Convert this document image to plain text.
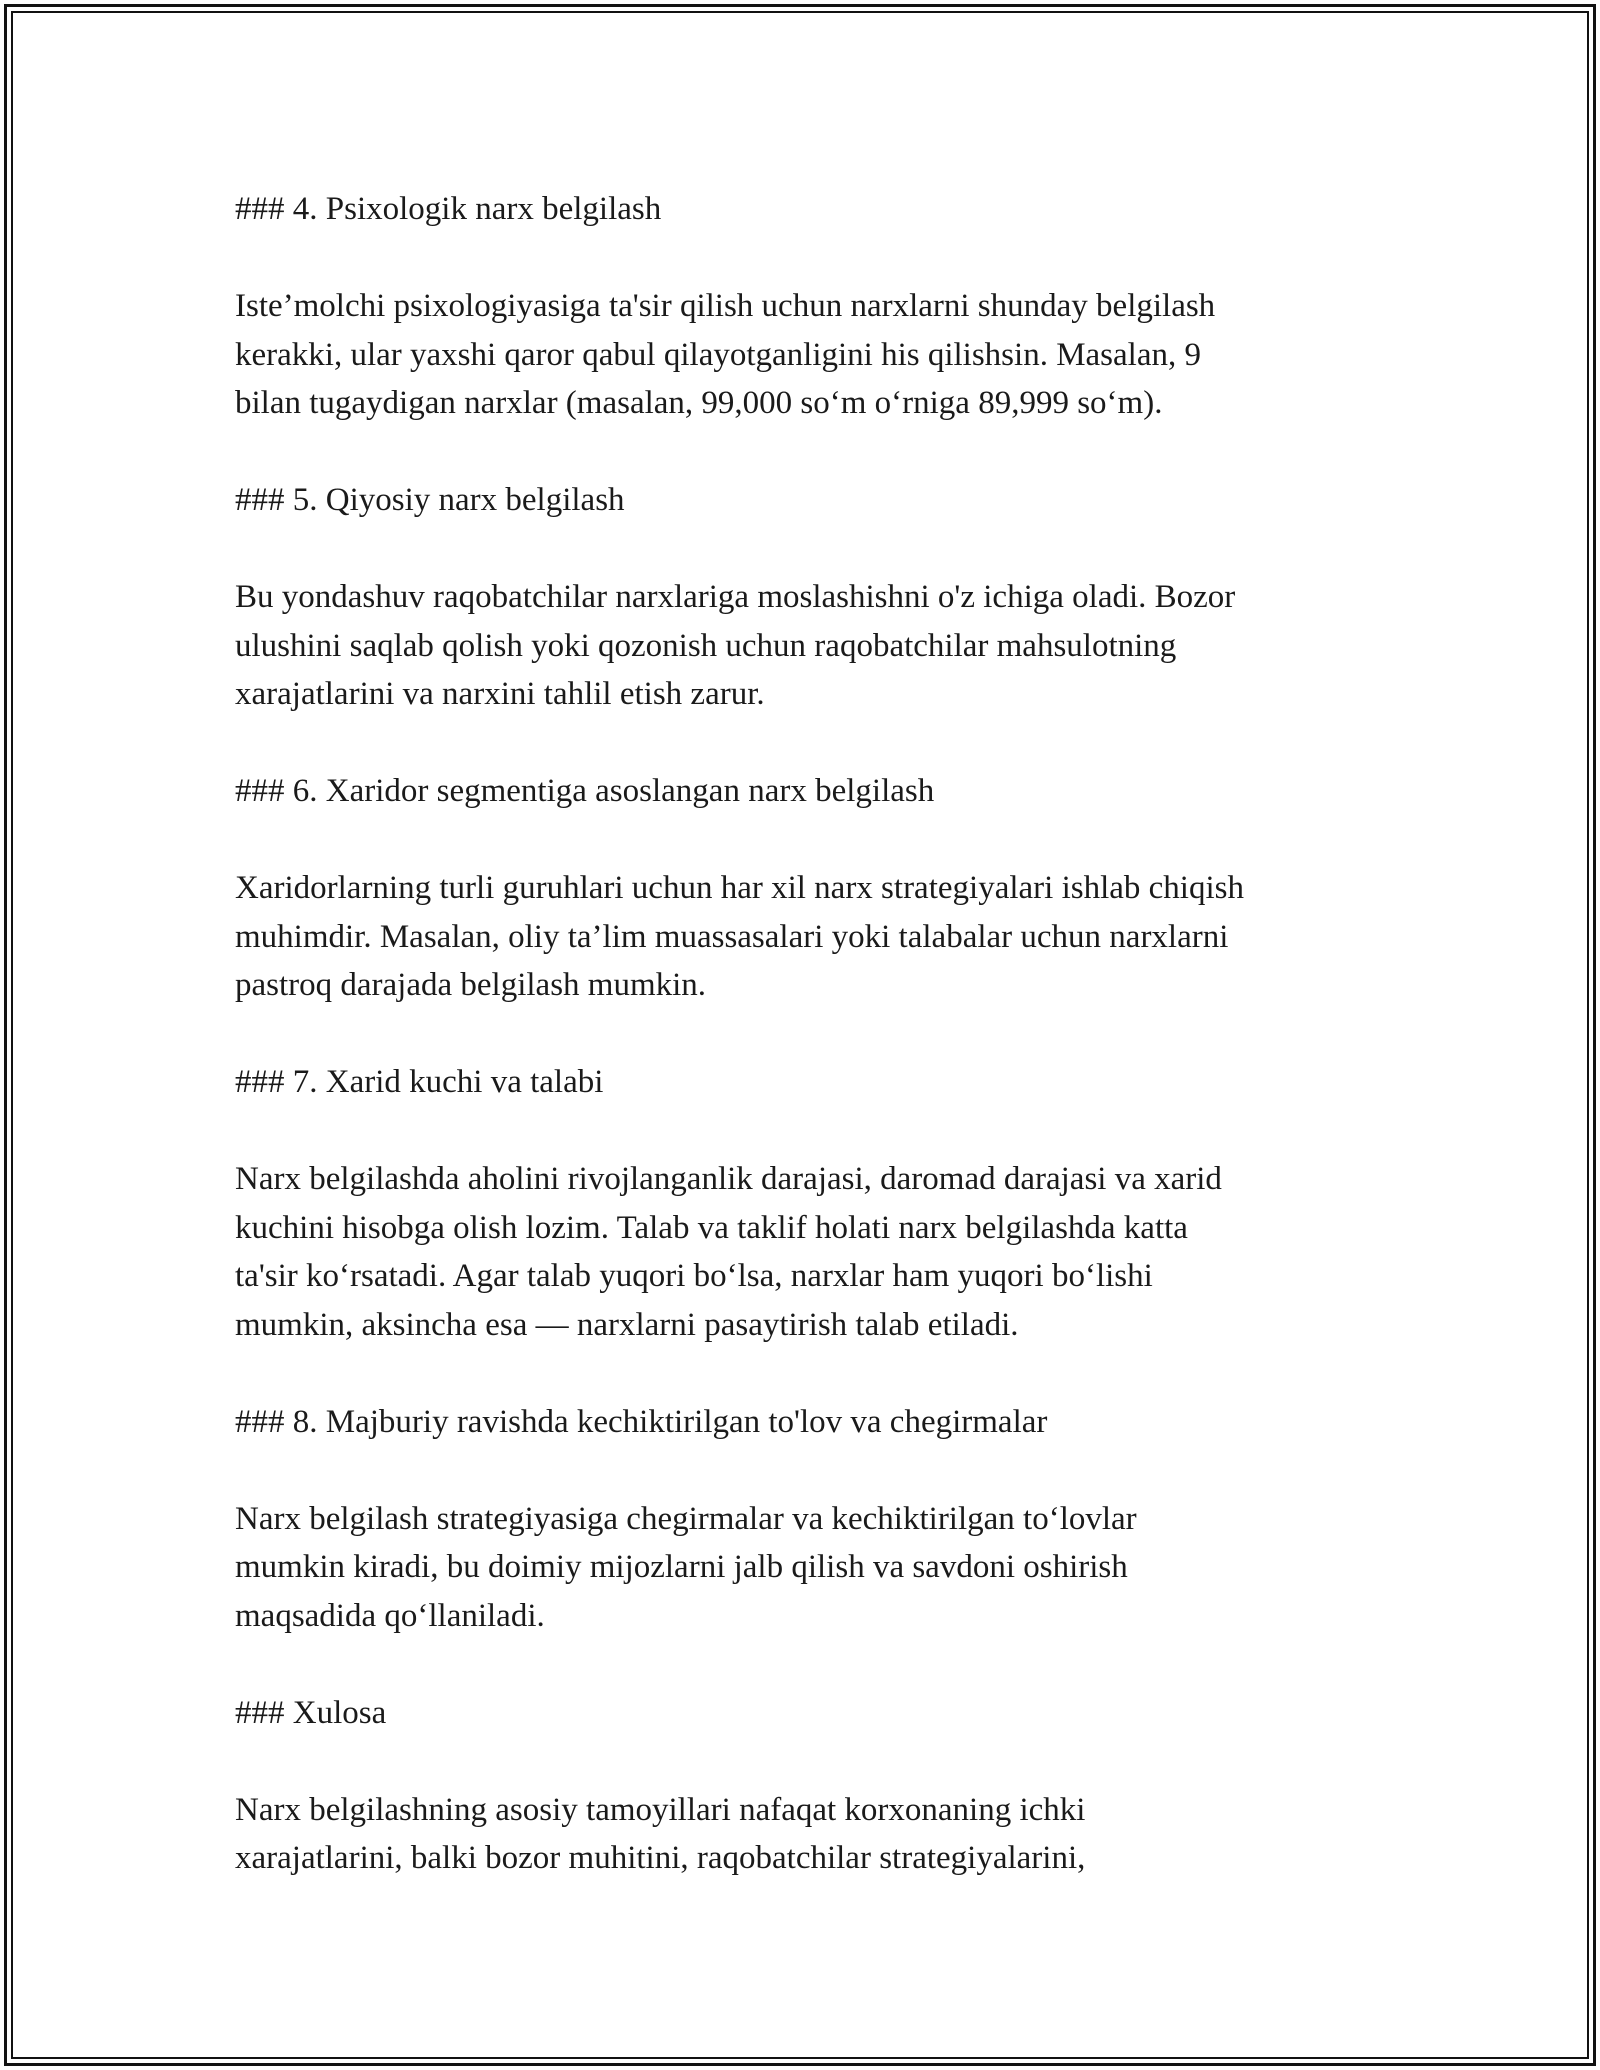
### 4. Psixologik narx belgilash
Iste’molchi psixologiyasiga ta'sir qilish uchun narxlarni shunday belgilash
kerakki, ular yaxshi qaror qabul qilayotganligini his qilishsin. Masalan, 9
bilan tugaydigan narxlar (masalan, 99,000 so‘m o‘rniga 89,999 so‘m).
### 5. Qiyosiy narx belgilash
Bu yondashuv raqobatchilar narxlariga moslashishni o'z ichiga oladi. Bozor
ulushini saqlab qolish yoki qozonish uchun raqobatchilar mahsulotning
xarajatlarini va narxini tahlil etish zarur.
### 6. Xaridor segmentiga asoslangan narx belgilash
Xaridorlarning turli guruhlari uchun har xil narx strategiyalari ishlab chiqish
muhimdir. Masalan, oliy ta’lim muassasalari yoki talabalar uchun narxlarni
pastroq darajada belgilash mumkin.
### 7. Xarid kuchi va talabi
Narx belgilashda aholini rivojlanganlik darajasi, daromad darajasi va xarid
kuchini hisobga olish lozim. Talab va taklif holati narx belgilashda katta
ta'sir ko‘rsatadi. Agar talab yuqori bo‘lsa, narxlar ham yuqori bo‘lishi
mumkin, aksincha esa — narxlarni pasaytirish talab etiladi.
### 8. Majburiy ravishda kechiktirilgan to'lov va chegirmalar
Narx belgilash strategiyasiga chegirmalar va kechiktirilgan to‘lovlar
mumkin kiradi, bu doimiy mijozlarni jalb qilish va savdoni oshirish
maqsadida qo‘llaniladi.
### Xulosa
Narx belgilashning asosiy tamoyillari nafaqat korxonaning ichki
xarajatlarini, balki bozor muhitini, raqobatchilar strategiyalarini,
